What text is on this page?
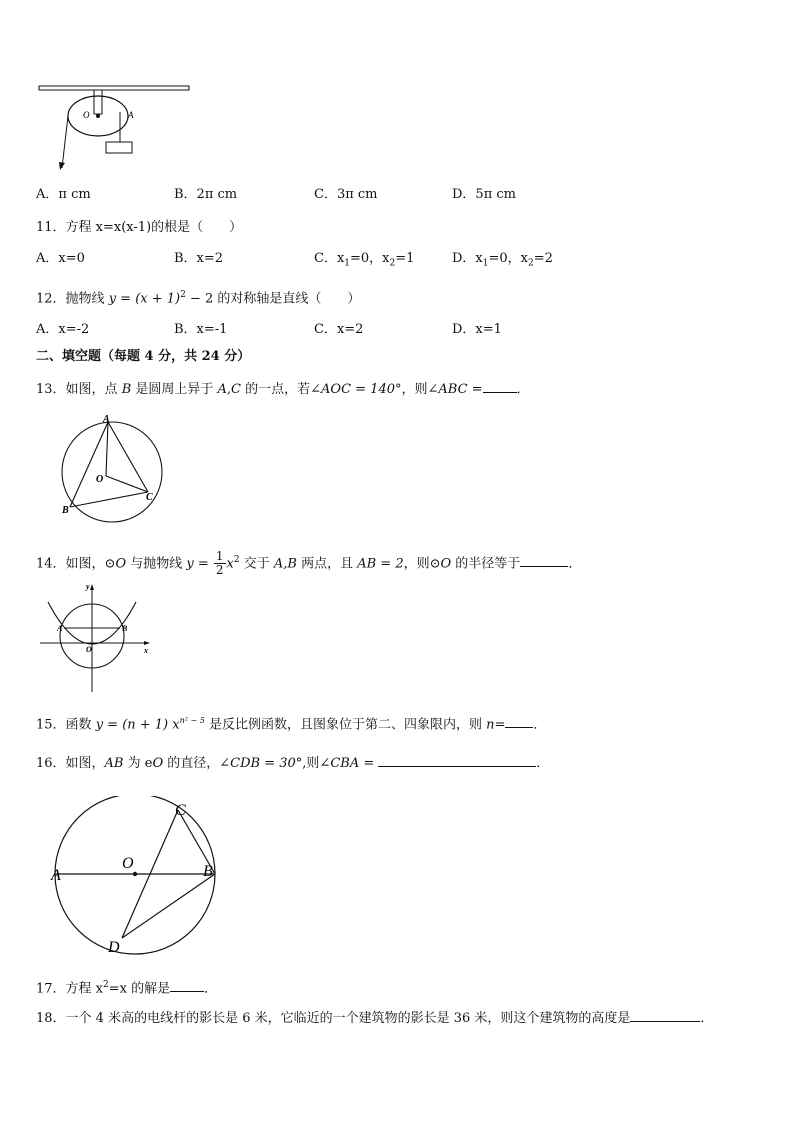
O	A
A．π cm	B．2π cm	C．3π cm	D．5π cm
11．方程 x=x(x-1)的根是（　　）
A．x=0	B．x=2	C．$x_1=0$，$x_2=1$	D．$x_1=0$，$x_2=2$
12．抛物线 $y = (x + 1)^2 - 2$ 的对称轴是直线（　　）
A．x=-2	B．x=-1	C．x=2	D．x=1
二、填空题（每题 4 分，共 24 分）
13．如图，点 B 是圆周上异于 A,C 的一点，若∠AOC = 140°，则∠ABC =	．
A
O
B
C
14．如图，⊙O 与抛物线 $y = \frac{1}{2} x^2$ 交于 A,B 两点，且 AB = 2，则⊙O 的半径等于	．
y
x
A	B
O
15．函数 y = (n + 1) $x^{n^2 - 5}$ 是反比例函数，且图象位于第二、四象限内，则 n= ．
16．如图，AB 为 eO 的直径，∠CDB = 30°,则∠CBA =	．
A
O	B
C
D
17．方程 $x^2=x$ 的解是	．
18．一个 4 米高的电线杆的影长是 6 米，它临近的一个建筑物的影长是 36 米，则这个建筑物的高度是	．
